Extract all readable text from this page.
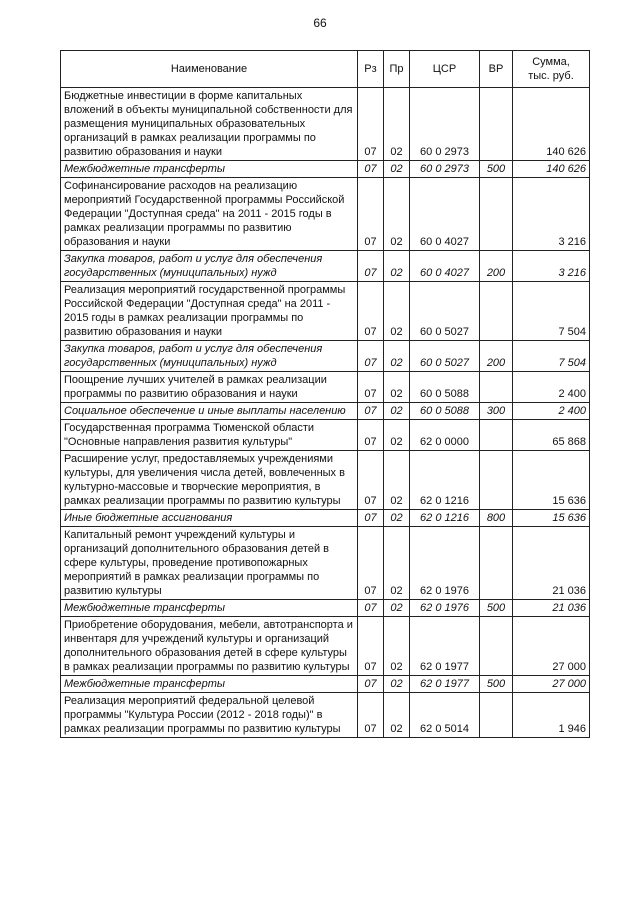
66
Наименование	Рз	Пр	ЦСР	ВР	Сумма,
тыс. руб.
Бюджетные инвестиции в форме капитальных вложений в объекты муниципальной собственности для размещения муниципальных образовательных организаций в рамках реализации программы по развитию образования и науки	07	02	60 0 2973		140 626
Межбюджетные трансферты	07	02	60 0 2973	500	140 626
Софинансирование расходов на реализацию мероприятий Государственной программы Российской Федерации "Доступная среда" на 2011 - 2015 годы в рамках реализации программы по развитию образования и науки	07	02	60 0 4027		3 216
Закупка товаров, работ и услуг для обеспечения государственных (муниципальных) нужд	07	02	60 0 4027	200	3 216
Реализация мероприятий государственной программы Российской Федерации "Доступная среда" на 2011 - 2015 годы в рамках реализации программы по развитию образования и науки	07	02	60 0 5027		7 504
Закупка товаров, работ и услуг для обеспечения государственных (муниципальных) нужд	07	02	60 0 5027	200	7 504
Поощрение лучших учителей в рамках реализации программы по развитию образования и науки	07	02	60 0 5088		2 400
Социальное обеспечение и иные выплаты населению	07	02	60 0 5088	300	2 400
Государственная программа Тюменской области "Основные направления развития культуры"	07	02	62 0 0000		65 868
Расширение услуг, предоставляемых учреждениями культуры, для увеличения числа детей, вовлеченных в культурно-массовые и творческие мероприятия, в рамках реализации программы по развитию культуры	07	02	62 0 1216		15 636
Иные бюджетные ассигнования	07	02	62 0 1216	800	15 636
Капитальный ремонт учреждений культуры и организаций дополнительного образования детей в сфере культуры, проведение противопожарных мероприятий в рамках реализации программы по развитию культуры	07	02	62 0 1976		21 036
Межбюджетные трансферты	07	02	62 0 1976	500	21 036
Приобретение оборудования, мебели, автотранспорта и инвентаря для учреждений культуры и организаций дополнительного образования детей в сфере культуры в рамках реализации программы по развитию культуры	07	02	62 0 1977		27 000
Межбюджетные трансферты	07	02	62 0 1977	500	27 000
Реализация мероприятий федеральной целевой программы "Культура России (2012 - 2018 годы)" в рамках реализации программы по развитию культуры	07	02	62 0 5014		1 946
